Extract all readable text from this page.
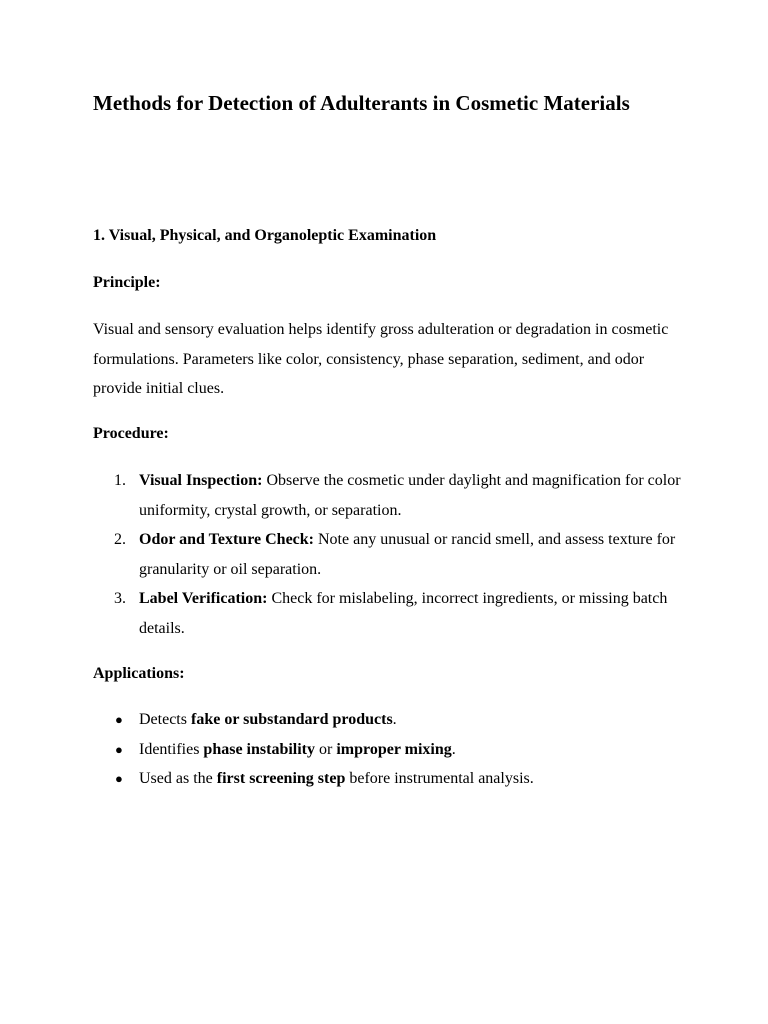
Methods for Detection of Adulterants in Cosmetic Materials
1. Visual, Physical, and Organoleptic Examination

Principle:

Visual and sensory evaluation helps identify gross adulteration or degradation in cosmetic formulations. Parameters like color, consistency, phase separation, sediment, and odor provide initial clues.

Procedure:

1. Visual Inspection: Observe the cosmetic under daylight and magnification for color uniformity, crystal growth, or separation.
2. Odor and Texture Check: Note any unusual or rancid smell, and assess texture for granularity or oil separation.
3. Label Verification: Check for mislabeling, incorrect ingredients, or missing batch details.

Applications:

● Detects fake or substandard products.
● Identifies phase instability or improper mixing.
● Used as the first screening step before instrumental analysis.
